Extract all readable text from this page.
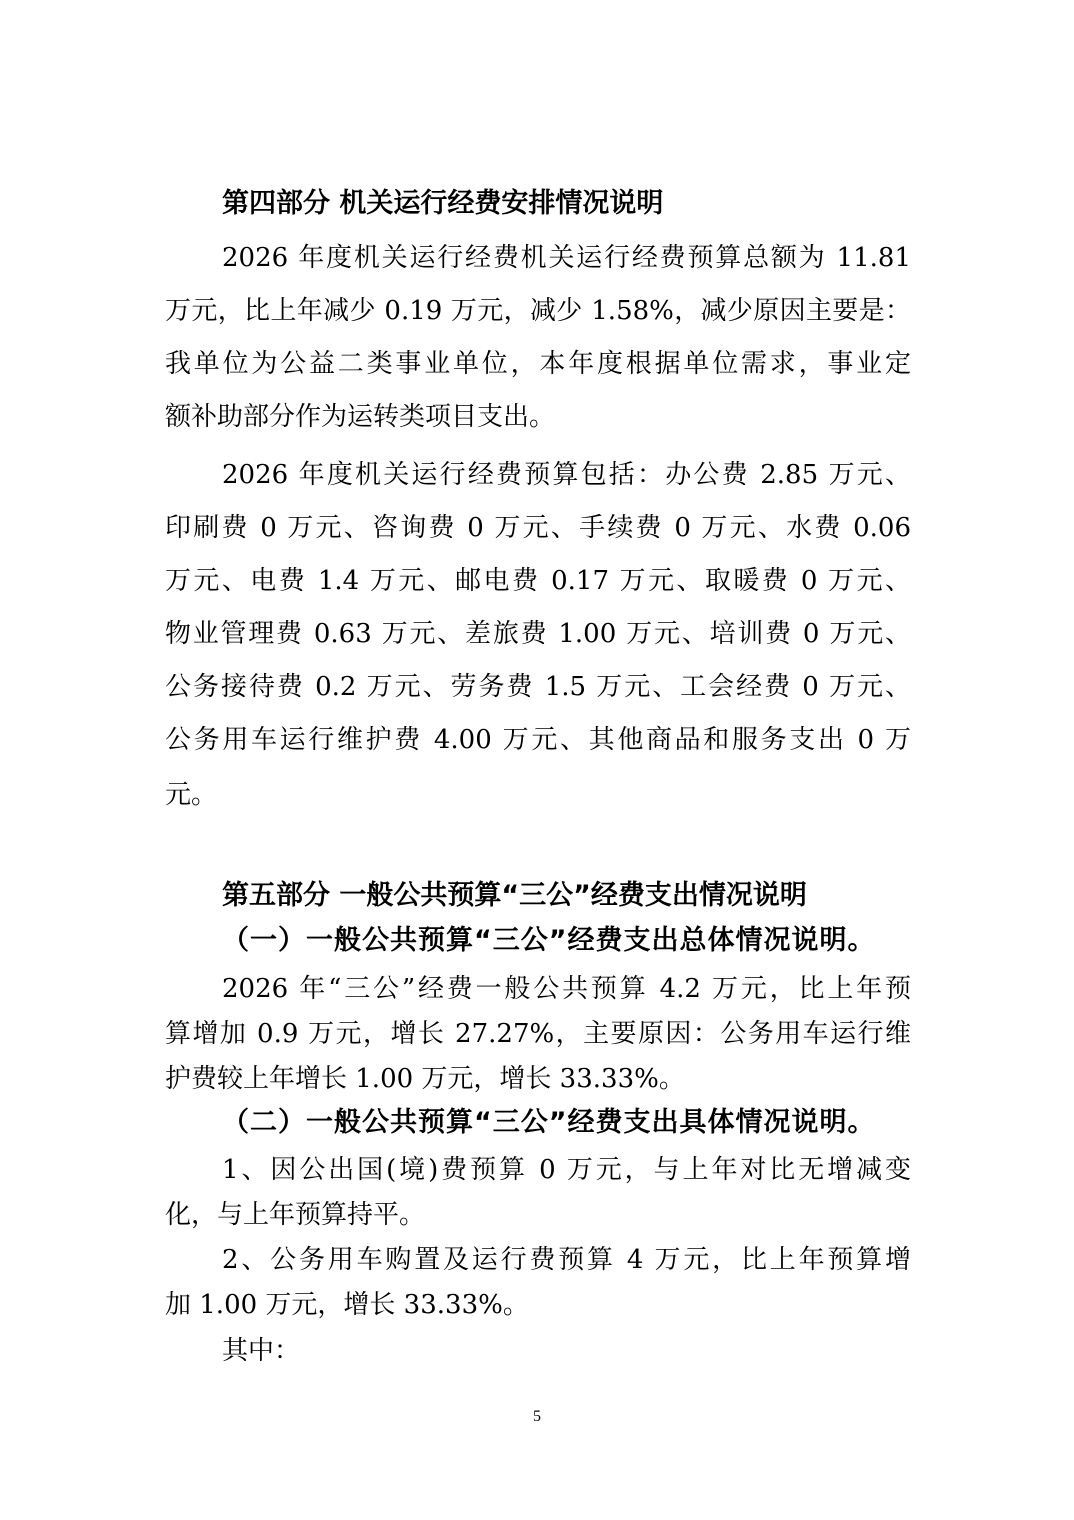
第四部分 机关运行经费安排情况说明
2026 年度机关运行经费机关运行经费预算总额为 11.81
万元，比上年减少 0.19 万元，减少 1.58%，减少原因主要是：
我单位为公益二类事业单位，本年度根据单位需求，事业定
额补助部分作为运转类项目支出。
2026 年度机关运行经费预算包括：办公费 2.85 万元、
印刷费 0 万元、咨询费 0 万元、手续费 0 万元、水费 0.06
万元、电费 1.4 万元、邮电费 0.17 万元、取暖费 0 万元、
物业管理费 0.63 万元、差旅费 1.00 万元、培训费 0 万元、
公务接待费 0.2 万元、劳务费 1.5 万元、工会经费 0 万元、
公务用车运行维护费 4.00 万元、其他商品和服务支出 0 万
元。
第五部分 一般公共预算“三公”经费支出情况说明
（一）一般公共预算“三公”经费支出总体情况说明。
2026 年“三公”经费一般公共预算 4.2 万元，比上年预
算增加 0.9 万元，增长 27.27%，主要原因：公务用车运行维
护费较上年增长 1.00 万元，增长 33.33%。
（二）一般公共预算“三公”经费支出具体情况说明。
1、因公出国(境)费预算 0 万元，与上年对比无增减变
化，与上年预算持平。
2、公务用车购置及运行费预算 4 万元，比上年预算增
加 1.00 万元，增长 33.33%。
其中：
5
